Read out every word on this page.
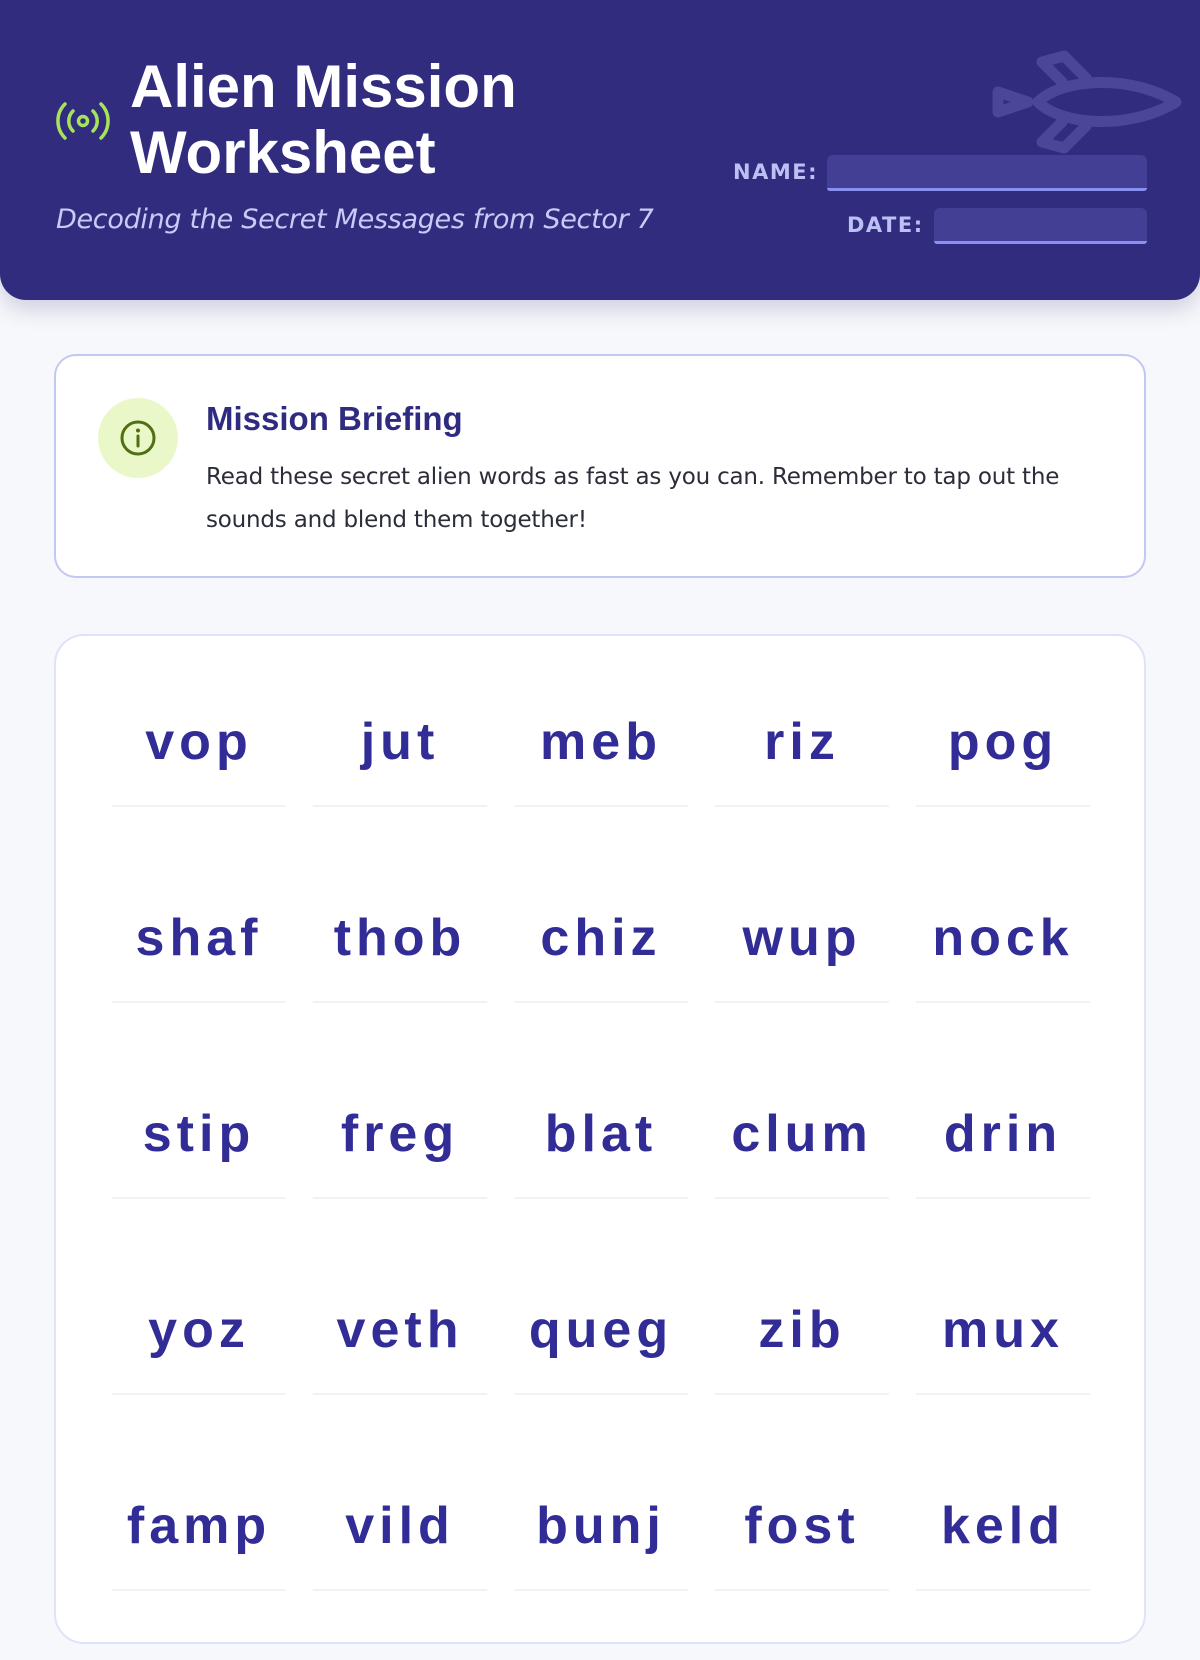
Alien Mission Worksheet

Decoding the Secret Messages from Sector 7

NAME:
DATE:
Mission Briefing

Read these secret alien words as fast as you can. Remember to tap out the sounds and blend them together!

vop	jut	meb	riz	pog
shaf	thob	chiz	wup	nock
stip	freg	blat	clum	drin
yoz	veth	queg	zib	mux
famp	vild	bunj	fost	keld
